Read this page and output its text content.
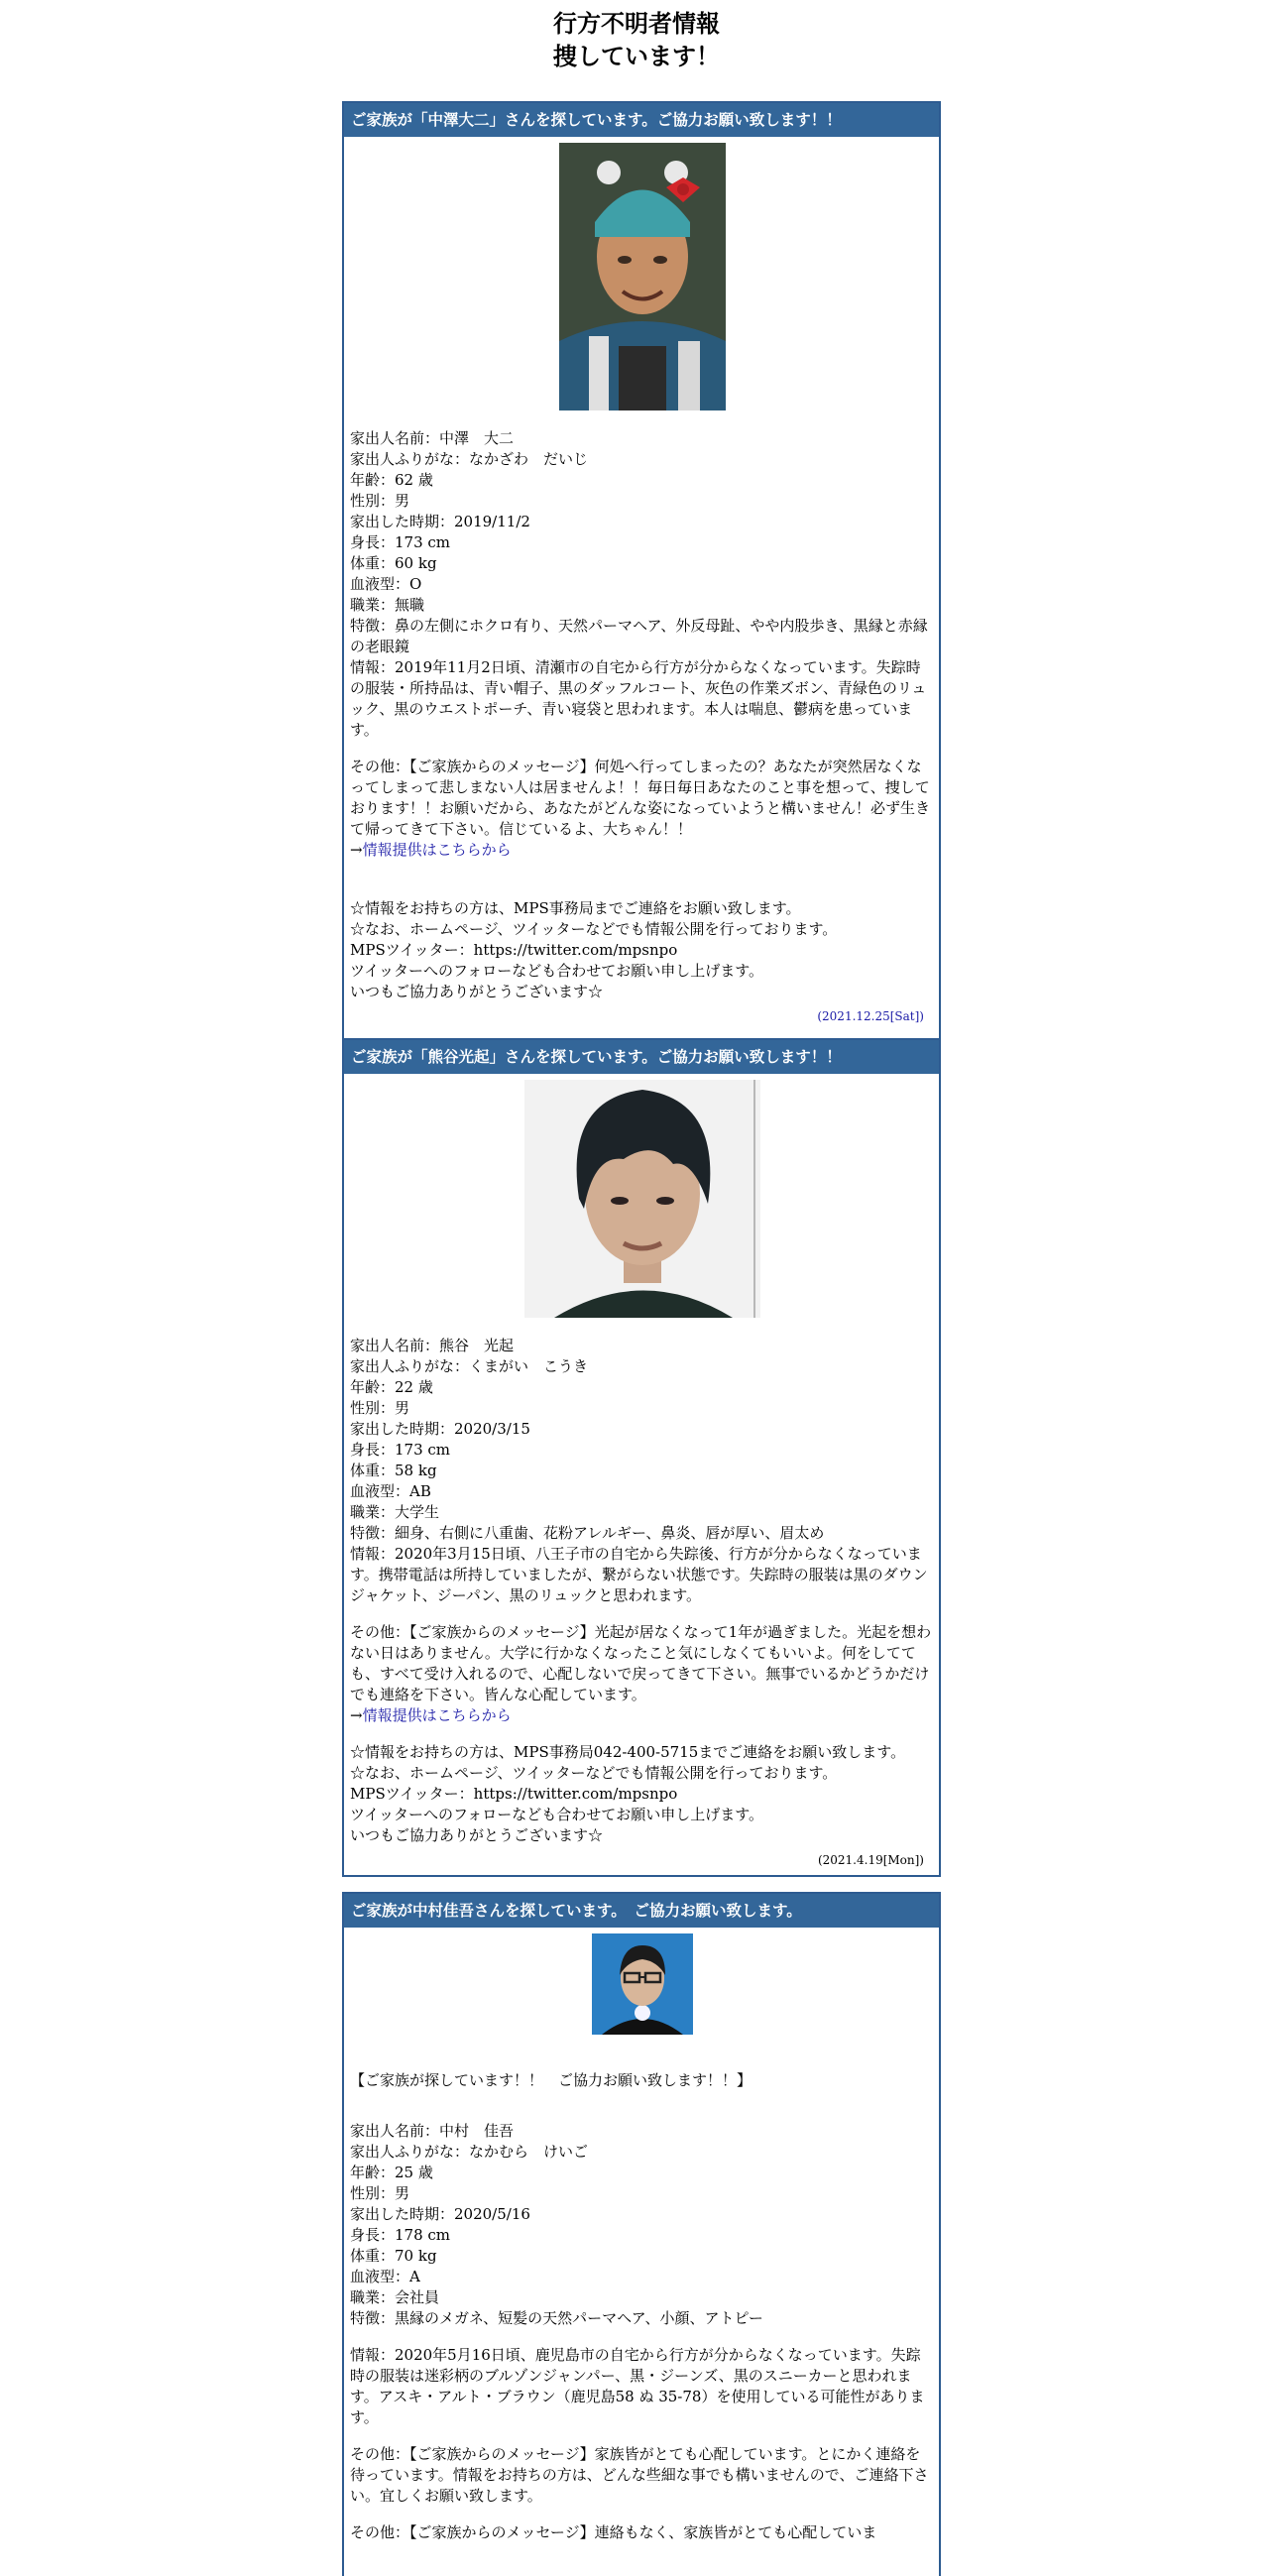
行方不明者情報
捜しています！
ご家族が「中澤大二」さんを探しています。ご協力お願い致します！！
家出人名前：中澤　大二
家出人ふりがな：なかざわ　だいじ
年齢：62 歳
性別：男
家出した時期：2019/11/2
身長：173 cm
体重：60 kg
血液型：O
職業：無職
特徴：鼻の左側にホクロ有り、天然パーマヘア、外反母趾、やや内股歩き、黒縁と赤縁の老眼鏡
情報：2019年11月2日頃、清瀬市の自宅から行方が分からなくなっています。失踪時の服装・所持品は、青い帽子、黒のダッフルコート、灰色の作業ズボン、青緑色のリュック、黒のウエストポーチ、青い寝袋と思われます。本人は喘息、鬱病を患っています。
その他：【ご家族からのメッセージ】何処へ行ってしまったの？あなたが突然居なくなってしまって悲しまない人は居ませんよ！！毎日毎日あなたのこと事を想って、捜しております！！お願いだから、あなたがどんな姿になっていようと構いません！必ず生きて帰ってきて下さい。信じているよ、大ちゃん！！
→情報提供はこちらから
☆情報をお持ちの方は、MPS事務局までご連絡をお願い致します。
☆なお、ホームページ、ツイッターなどでも情報公開を行っております。
MPSツイッター：https://twitter.com/mpsnpo
ツイッターへのフォローなども合わせてお願い申し上げます。
いつもご協力ありがとうございます☆
(2021.12.25[Sat])
ご家族が「熊谷光起」さんを探しています。ご協力お願い致します！！
家出人名前：熊谷　光起
家出人ふりがな：くまがい　こうき
年齢：22 歳
性別：男
家出した時期：2020/3/15
身長：173 cm
体重：58 kg
血液型：AB
職業：大学生
特徴：細身、右側に八重歯、花粉アレルギー、鼻炎、唇が厚い、眉太め
情報：2020年3月15日頃、八王子市の自宅から失踪後、行方が分からなくなっています。携帯電話は所持していましたが、繋がらない状態です。失踪時の服装は黒のダウンジャケット、ジーパン、黒のリュックと思われます。
その他：【ご家族からのメッセージ】光起が居なくなって1年が過ぎました。光起を想わない日はありません。大学に行かなくなったこと気にしなくてもいいよ。何をしてても、すべて受け入れるので、心配しないで戻ってきて下さい。無事でいるかどうかだけでも連絡を下さい。皆んな心配しています。
→情報提供はこちらから
☆情報をお持ちの方は、MPS事務局042-400-5715までご連絡をお願い致します。
☆なお、ホームページ、ツイッターなどでも情報公開を行っております。
MPSツイッター：https://twitter.com/mpsnpo
ツイッターへのフォローなども合わせてお願い申し上げます。
いつもご協力ありがとうございます☆
(2021.4.19[Mon])
ご家族が中村佳吾さんを探しています。　ご協力お願い致します。
【ご家族が探しています！！　ご協力お願い致します！！】
家出人名前：中村　佳吾
家出人ふりがな：なかむら　けいご
年齢：25 歳
性別：男
家出した時期：2020/5/16
身長：178 cm
体重：70 kg
血液型：A
職業：会社員
特徴：黒縁のメガネ、短髪の天然パーマヘア、小顔、アトピー
情報：2020年5月16日頃、鹿児島市の自宅から行方が分からなくなっています。失踪時の服装は迷彩柄のブルゾンジャンパー、黒・ジーンズ、黒のスニーカーと思われます。アスキ・アルト・ブラウン（鹿児島58 ぬ 35-78）を使用している可能性があります。
その他：【ご家族からのメッセージ】家族皆がとても心配しています。とにかく連絡を待っています。情報をお持ちの方は、どんな些細な事でも構いませんので、ご連絡下さい。宜しくお願い致します。
その他：【ご家族からのメッセージ】連絡もなく、家族皆がとても心配していま
